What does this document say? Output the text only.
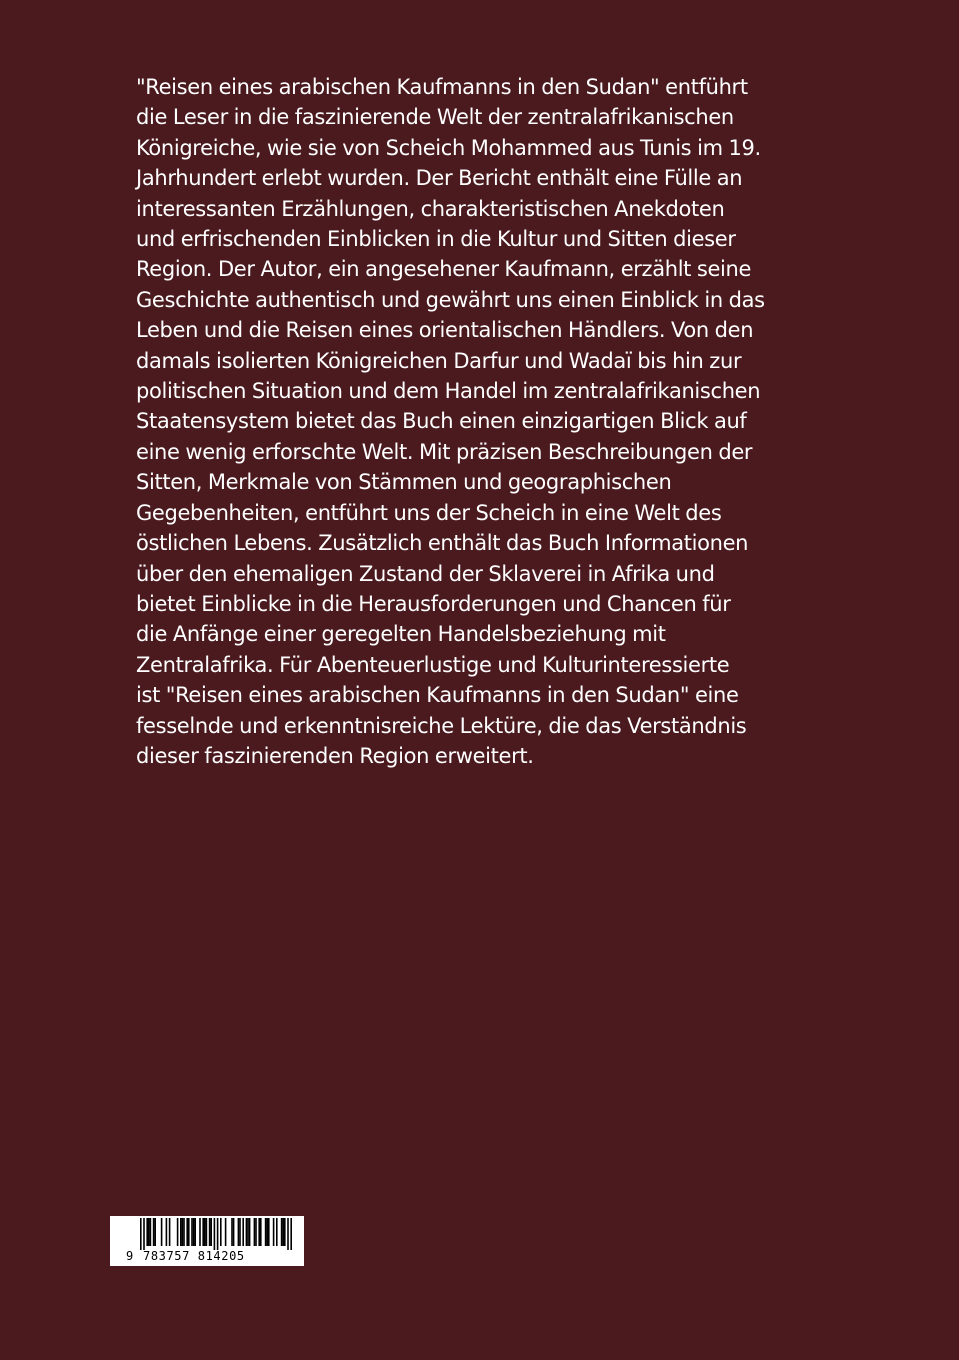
"Reisen eines arabischen Kaufmanns in den Sudan" entführt
die Leser in die faszinierende Welt der zentralafrikanischen
Königreiche, wie sie von Scheich Mohammed aus Tunis im 19.
Jahrhundert erlebt wurden. Der Bericht enthält eine Fülle an
interessanten Erzählungen, charakteristischen Anekdoten
und erfrischenden Einblicken in die Kultur und Sitten dieser
Region. Der Autor, ein angesehener Kaufmann, erzählt seine
Geschichte authentisch und gewährt uns einen Einblick in das
Leben und die Reisen eines orientalischen Händlers. Von den
damals isolierten Königreichen Darfur und Wadaï bis hin zur
politischen Situation und dem Handel im zentralafrikanischen
Staatensystem bietet das Buch einen einzigartigen Blick auf
eine wenig erforschte Welt. Mit präzisen Beschreibungen der
Sitten, Merkmale von Stämmen und geographischen
Gegebenheiten, entführt uns der Scheich in eine Welt des
östlichen Lebens. Zusätzlich enthält das Buch Informationen
über den ehemaligen Zustand der Sklaverei in Afrika und
bietet Einblicke in die Herausforderungen und Chancen für
die Anfänge einer geregelten Handelsbeziehung mit
Zentralafrika. Für Abenteuerlustige und Kulturinteressierte
ist "Reisen eines arabischen Kaufmanns in den Sudan" eine
fesselnde und erkenntnisreiche Lektüre, die das Verständnis
dieser faszinierenden Region erweitert.
9 783757 814205
